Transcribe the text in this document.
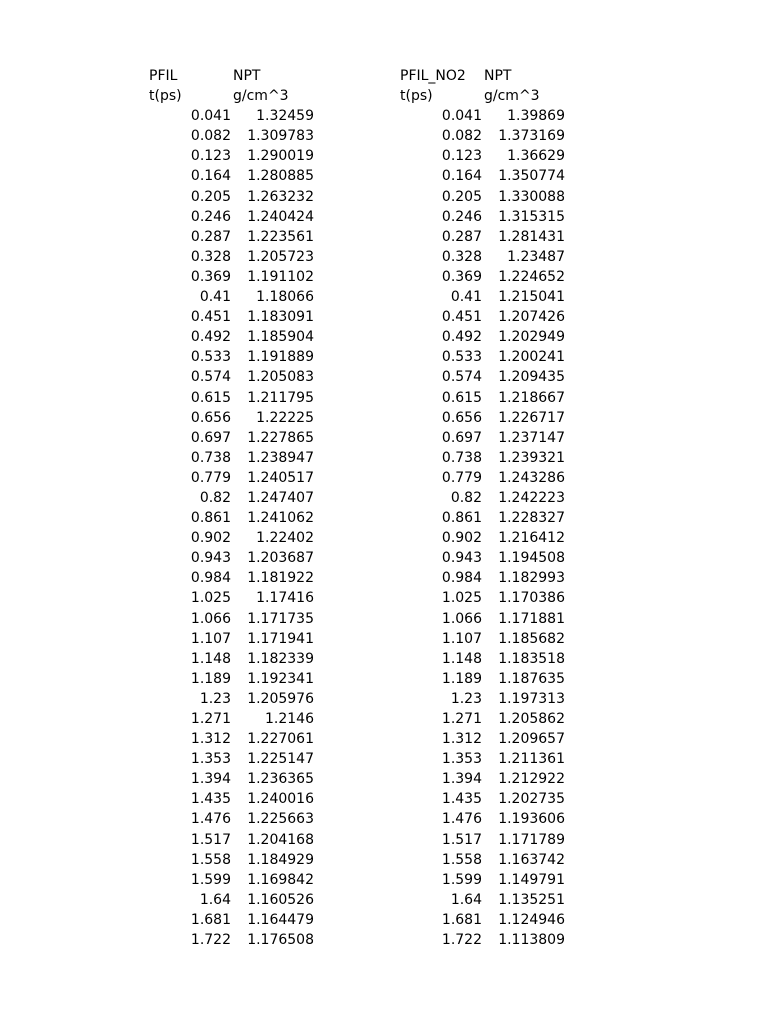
PFIL	NPT
t(ps)	g/cm^3
0.041	1.32459
0.082	1.309783
0.123	1.290019
0.164	1.280885
0.205	1.263232
0.246	1.240424
0.287	1.223561
0.328	1.205723
0.369	1.191102
0.41	1.18066
0.451	1.183091
0.492	1.185904
0.533	1.191889
0.574	1.205083
0.615	1.211795
0.656	1.22225
0.697	1.227865
0.738	1.238947
0.779	1.240517
0.82	1.247407
0.861	1.241062
0.902	1.22402
0.943	1.203687
0.984	1.181922
1.025	1.17416
1.066	1.171735
1.107	1.171941
1.148	1.182339
1.189	1.192341
1.23	1.205976
1.271	1.2146
1.312	1.227061
1.353	1.225147
1.394	1.236365
1.435	1.240016
1.476	1.225663
1.517	1.204168
1.558	1.184929
1.599	1.169842
1.64	1.160526
1.681	1.164479
1.722	1.176508
PFIL_NO2	NPT
t(ps)	g/cm^3
0.041	1.39869
0.082	1.373169
0.123	1.36629
0.164	1.350774
0.205	1.330088
0.246	1.315315
0.287	1.281431
0.328	1.23487
0.369	1.224652
0.41	1.215041
0.451	1.207426
0.492	1.202949
0.533	1.200241
0.574	1.209435
0.615	1.218667
0.656	1.226717
0.697	1.237147
0.738	1.239321
0.779	1.243286
0.82	1.242223
0.861	1.228327
0.902	1.216412
0.943	1.194508
0.984	1.182993
1.025	1.170386
1.066	1.171881
1.107	1.185682
1.148	1.183518
1.189	1.187635
1.23	1.197313
1.271	1.205862
1.312	1.209657
1.353	1.211361
1.394	1.212922
1.435	1.202735
1.476	1.193606
1.517	1.171789
1.558	1.163742
1.599	1.149791
1.64	1.135251
1.681	1.124946
1.722	1.113809
